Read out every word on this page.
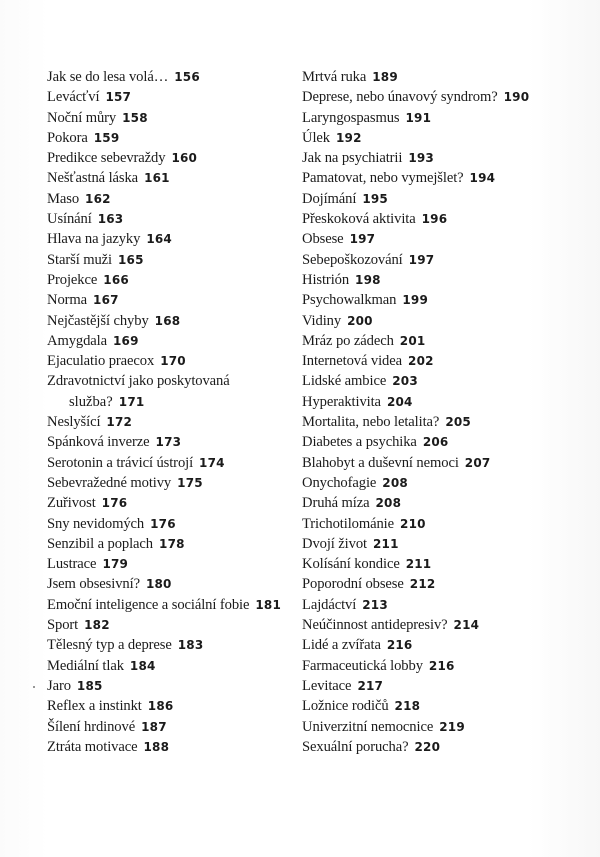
Jak se do lesa volá… 156
Levácťví 157
Noční můry 158
Pokora 159
Predikce sebevraždy 160
Nešťastná láska 161
Maso 162
Usínání 163
Hlava na jazyky 164
Starší muži 165
Projekce 166
Norma 167
Nejčastější chyby 168
Amygdala 169
Ejaculatio praecox 170
Zdravotnictví jako poskytovaná
služba? 171
Neslyšící 172
Spánková inverze 173
Serotonin a trávicí ústrojí 174
Sebevražedné motivy 175
Zuřivost 176
Sny nevidomých 176
Senzibil a poplach 178
Lustrace 179
Jsem obsesivní? 180
Emoční inteligence a sociální fobie 181
Sport 182
Tělesný typ a deprese 183
Mediální tlak 184
Jaro 185
Reflex a instinkt 186
Šílení hrdinové 187
Ztráta motivace 188
Mrtvá ruka 189
Deprese, nebo únavový syndrom? 190
Laryngospasmus 191
Úlek 192
Jak na psychiatrii 193
Pamatovat, nebo vymejšlet? 194
Dojímání 195
Přeskoková aktivita 196
Obsese 197
Sebepoškozování 197
Histrión 198
Psychowalkman 199
Vidiny 200
Mráz po zádech 201
Internetová videa 202
Lidské ambice 203
Hyperaktivita 204
Mortalita, nebo letalita? 205
Diabetes a psychika 206
Blahobyt a duševní nemoci 207
Onychofagie 208
Druhá míza 208
Trichotilománie 210
Dvojí život 211
Kolísání kondice 211
Poporodní obsese 212
Lajdáctví 213
Neúčinnost antidepresiv? 214
Lidé a zvířata 216
Farmaceutická lobby 216
Levitace 217
Ložnice rodičů 218
Univerzitní nemocnice 219
Sexuální porucha? 220
